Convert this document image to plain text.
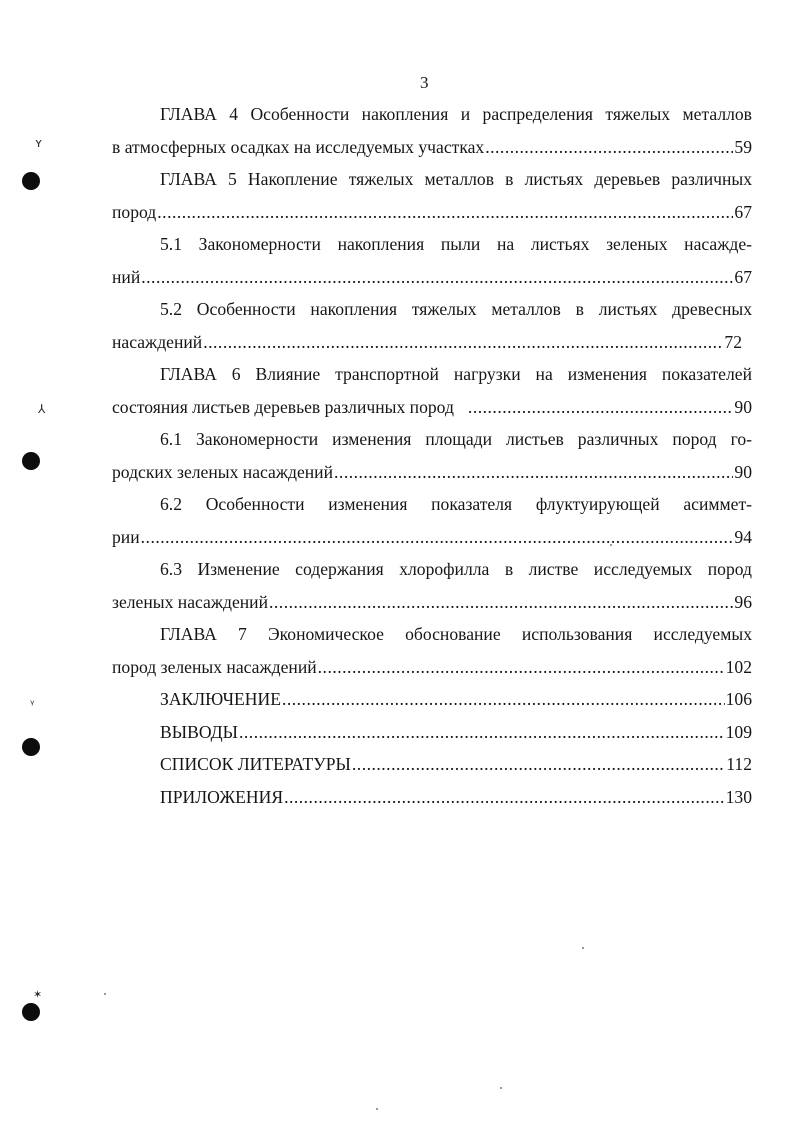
3
ʏ
⅄
ᵞ
✶
ГЛАВА 4 Особенности накопления и распределения тяжелых металлов
в атмосферных осадках на исследуемых участках .....	59
ГЛАВА 5 Накопление тяжелых металлов в листьях деревьев различных
пород .....	67
5.1 Закономерности накопления пыли на листьях зеленых насажде-
ний .....	67
5.2 Особенности накопления тяжелых металлов в листьях древесных
насаждений .....	72
ГЛАВА 6 Влияние транспортной нагрузки на изменения показателей
состояния листьев деревьев различных пород .....	90
6.1 Закономерности изменения площади листьев различных пород го-
родских зеленых насаждений .....	90
6.2 Особенности изменения показателя флуктуирующей асиммет-
рии .....	94
6.3 Изменение содержания хлорофилла в листве исследуемых пород
зеленых насаждений .....	96
ГЛАВА 7 Экономическое обоснование использования исследуемых
пород зеленых насаждений .....	102
ЗАКЛЮЧЕНИЕ .....	106
ВЫВОДЫ .....	109
СПИСОК ЛИТЕРАТУРЫ .....	112
ПРИЛОЖЕНИЯ .....	130
